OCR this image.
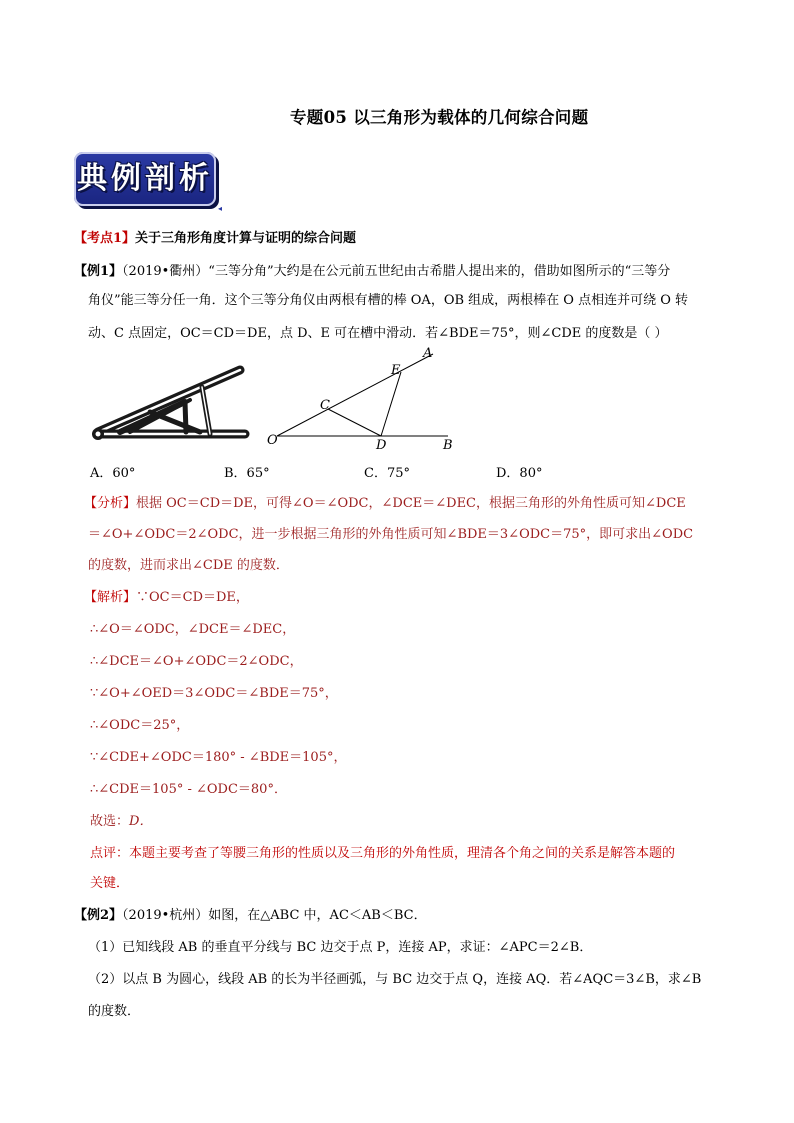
专题05 以三角形为载体的几何综合问题
典例剖析
◂
【考点1】关于三角形角度计算与证明的综合问题
【例1】（2019•衢州）“三等分角”大约是在公元前五世纪由古希腊人提出来的，借助如图所示的“三等分
角仪”能三等分任一角．这个三等分角仪由两根有槽的棒 OA，OB 组成，两根棒在 O 点相连并可绕 O 转
动、C 点固定，OC＝CD＝DE，点 D、E 可在槽中滑动．若∠BDE＝75°，则∠CDE 的度数是（ ）
O
A
B
C
D
E
A．60°	B．65°	C．75°	D．80°
【分析】根据 OC＝CD＝DE，可得∠O＝∠ODC，∠DCE＝∠DEC，根据三角形的外角性质可知∠DCE
＝∠O+∠ODC＝2∠ODC，进一步根据三角形的外角性质可知∠BDE＝3∠ODC＝75°，即可求出∠ODC
的度数，进而求出∠CDE 的度数．
【解析】∵OC＝CD＝DE，
∴∠O＝∠ODC，∠DCE＝∠DEC，
∴∠DCE＝∠O+∠ODC＝2∠ODC，
∵∠O+∠OED＝3∠ODC＝∠BDE＝75°，
∴∠ODC＝25°，
∵∠CDE+∠ODC＝180° - ∠BDE＝105°，
∴∠CDE＝105° - ∠ODC＝80°．
故选：D．
点评：本题主要考查了等腰三角形的性质以及三角形的外角性质，理清各个角之间的关系是解答本题的
关键．
【例2】（2019•杭州）如图，在△ABC 中，AC＜AB＜BC．
（1）已知线段 AB 的垂直平分线与 BC 边交于点 P，连接 AP，求证：∠APC＝2∠B．
（2）以点 B 为圆心，线段 AB 的长为半径画弧，与 BC 边交于点 Q，连接 AQ．若∠AQC＝3∠B，求∠B
的度数．
